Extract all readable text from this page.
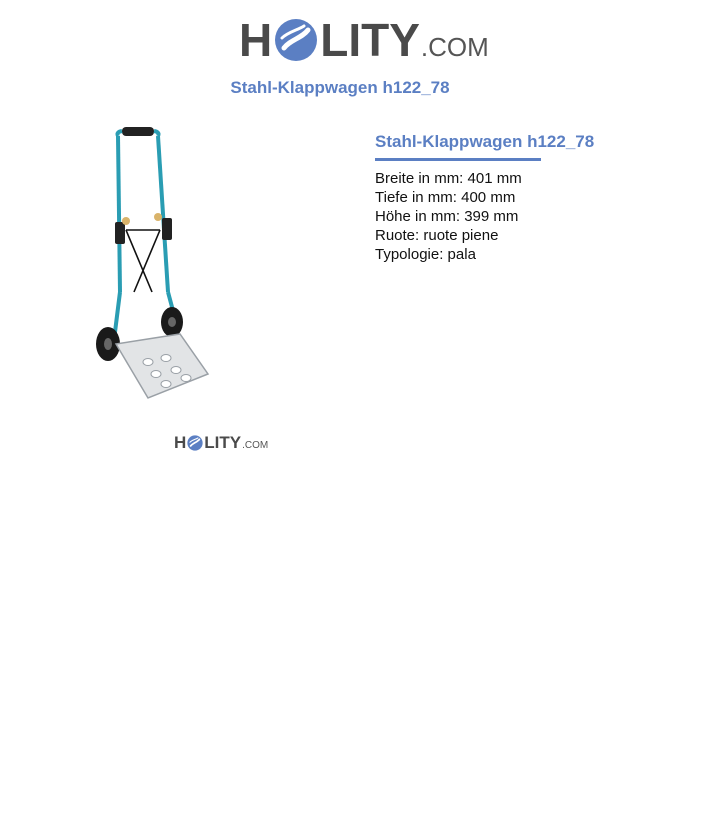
H LITY .COM
Stahl-Klappwagen h122_78
H LITY .COM
Stahl-Klappwagen h122_78
Breite in mm: 401 mm
Tiefe in mm: 400 mm
Höhe in mm: 399 mm
Ruote: ruote piene
Typologie: pala
